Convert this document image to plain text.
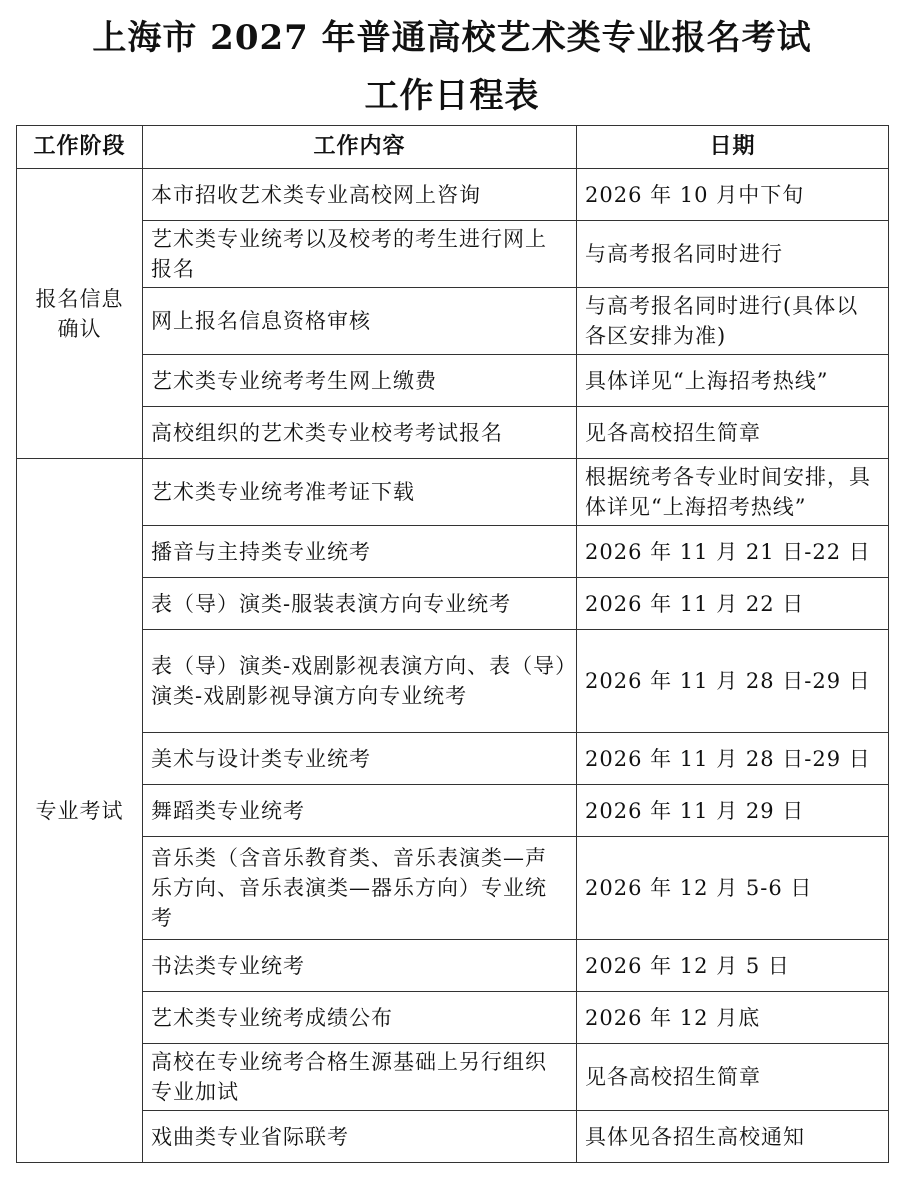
上海市 2027 年普通高校艺术类专业报名考试
工作日程表
工作阶段	工作内容	日期
报名信息确认	本市招收艺术类专业高校网上咨询	2026 年 10 月中下旬
	艺术类专业统考以及校考的考生进行网上报名	与高考报名同时进行
	网上报名信息资格审核	与高考报名同时进行(具体以各区安排为准)
	艺术类专业统考考生网上缴费	具体详见“上海招考热线”
	高校组织的艺术类专业校考考试报名	见各高校招生简章
专业考试	艺术类专业统考准考证下载	根据统考各专业时间安排，具体详见“上海招考热线”
	播音与主持类专业统考	2026 年 11 月 21 日-22 日
	表（导）演类-服装表演方向专业统考	2026 年 11 月 22 日
	表（导）演类-戏剧影视表演方向、表（导）演类-戏剧影视导演方向专业统考	2026 年 11 月 28 日-29 日
	美术与设计类专业统考	2026 年 11 月 28 日-29 日
	舞蹈类专业统考	2026 年 11 月 29 日
	音乐类（含音乐教育类、音乐表演类—声乐方向、音乐表演类—器乐方向）专业统考	2026 年 12 月 5-6 日
	书法类专业统考	2026 年 12 月 5 日
	艺术类专业统考成绩公布	2026 年 12 月底
	高校在专业统考合格生源基础上另行组织专业加试	见各高校招生简章
	戏曲类专业省际联考	具体见各招生高校通知
